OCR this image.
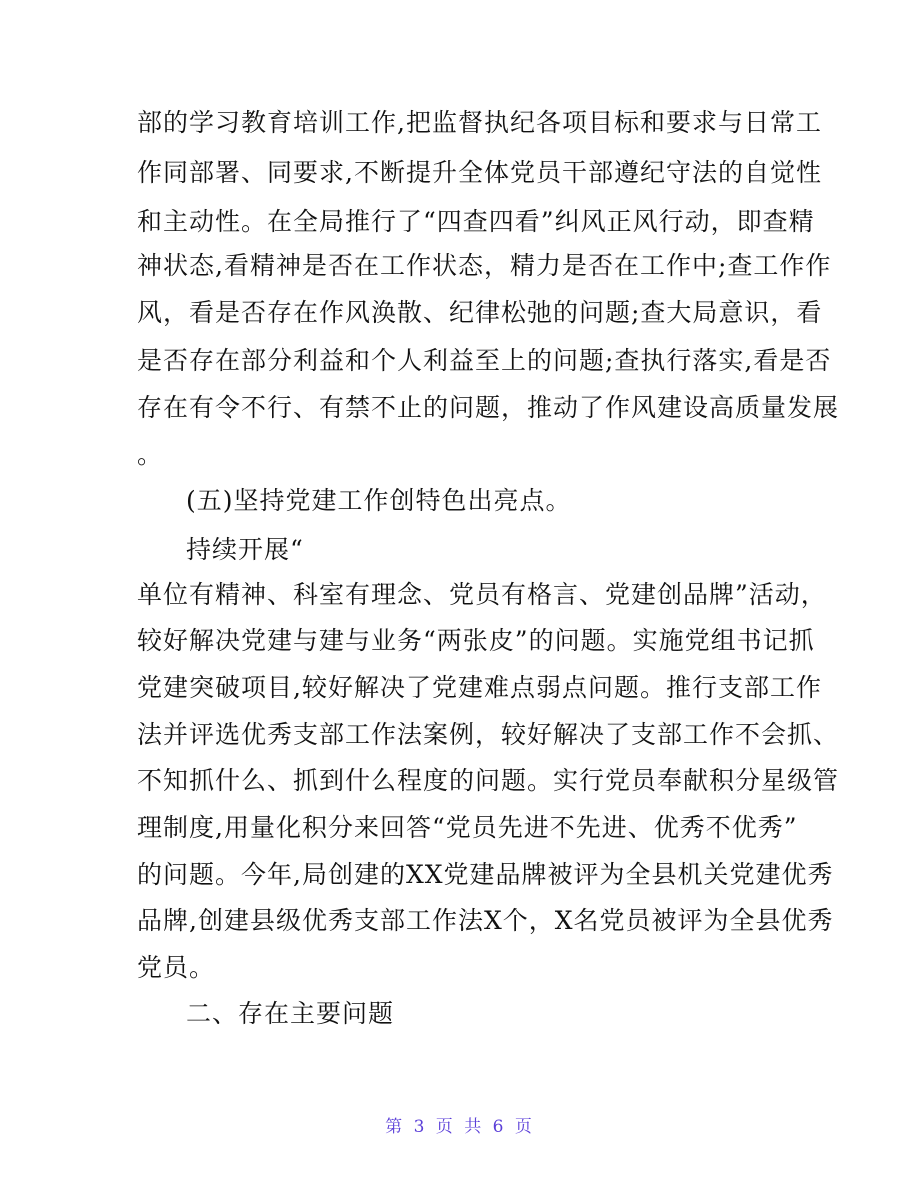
部的学习教育培训工作,把监督执纪各项目标和要求与日常工
作同部署、同要求,不断提升全体党员干部遵纪守法的自觉性
和主动性。在全局推行了“四查四看”纠风正风行动，即查精
神状态,看精神是否在工作状态，精力是否在工作中;查工作作
风，看是否存在作风涣散、纪律松弛的问题;查大局意识，看
是否存在部分利益和个人利益至上的问题;查执行落实,看是否
存在有令不行、有禁不止的问题，推动了作风建设高质量发展
。
(五)坚持党建工作创特色出亮点。
持续开展“
单位有精神、科室有理念、党员有格言、党建创品牌”活动，
较好解决党建与建与业务“两张皮”的问题。实施党组书记抓
党建突破项目,较好解决了党建难点弱点问题。推行支部工作
法并评选优秀支部工作法案例，较好解决了支部工作不会抓、
不知抓什么、抓到什么程度的问题。实行党员奉献积分星级管
理制度,用量化积分来回答“党员先进不先进、优秀不优秀”
的问题。今年,局创建的XX党建品牌被评为全县机关党建优秀
品牌,创建县级优秀支部工作法X个，X名党员被评为全县优秀
党员。
二、存在主要问题
第 3 页 共 6 页
